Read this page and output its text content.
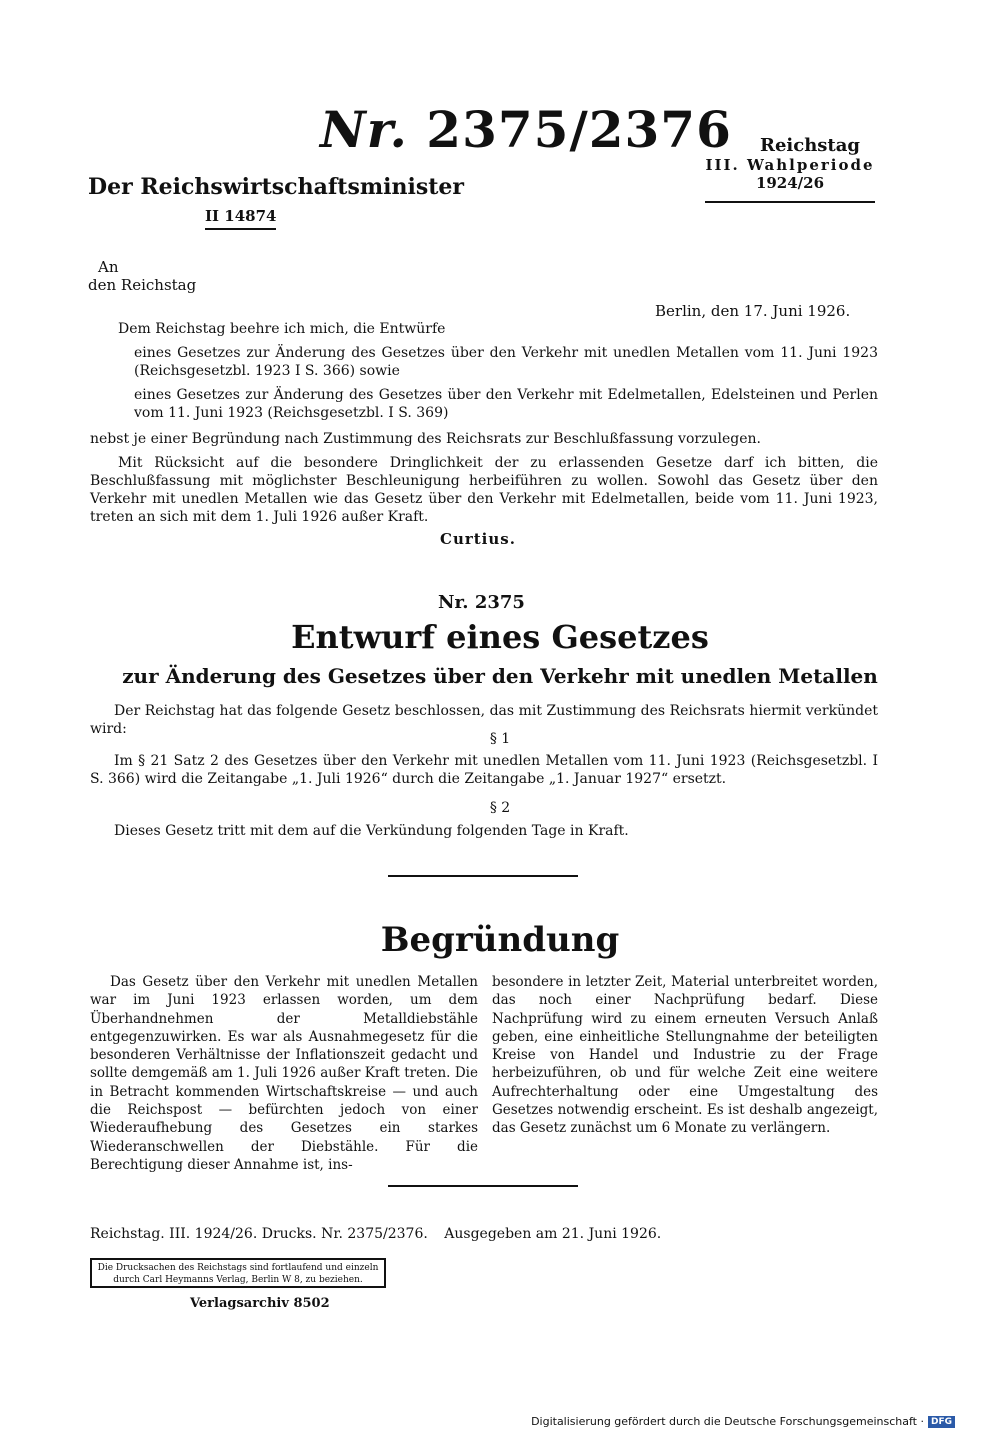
Nr. 2375/2376 Reichstag
III. Wahlperiode
1924/26
Der Reichswirtschaftsminister
II 14874
An
den Reichstag
Berlin, den 17. Juni 1926.
Dem Reichstag beehre ich mich, die Entwürfe
eines Gesetzes zur Änderung des Gesetzes über den Verkehr mit unedlen Metallen vom 11. Juni 1923 (Reichsgesetzbl. 1923 I S. 366) sowie
eines Gesetzes zur Änderung des Gesetzes über den Verkehr mit Edelmetallen, Edelsteinen und Perlen vom 11. Juni 1923 (Reichsgesetzbl. I S. 369)
nebst je einer Begründung nach Zustimmung des Reichsrats zur Beschlußfassung vorzulegen.
Mit Rücksicht auf die besondere Dringlichkeit der zu erlassenden Gesetze darf ich bitten, die Beschlußfassung mit möglichster Beschleunigung herbeiführen zu wollen. Sowohl das Gesetz über den Verkehr mit unedlen Metallen wie das Gesetz über den Verkehr mit Edelmetallen, beide vom 11. Juni 1923, treten an sich mit dem 1. Juli 1926 außer Kraft.
Curtius.
Nr. 2375
Entwurf eines Gesetzes
zur Änderung des Gesetzes über den Verkehr mit unedlen Metallen
Der Reichstag hat das folgende Gesetz beschlossen, das mit Zustimmung des Reichsrats hiermit verkündet wird:
§ 1
Im § 21 Satz 2 des Gesetzes über den Verkehr mit unedlen Metallen vom 11. Juni 1923 (Reichsgesetzbl. I S. 366) wird die Zeitangabe „1. Juli 1926“ durch die Zeitangabe „1. Januar 1927“ ersetzt.
§ 2
Dieses Gesetz tritt mit dem auf die Verkündung folgenden Tage in Kraft.
Begründung
Das Gesetz über den Verkehr mit unedlen Metallen war im Juni 1923 erlassen worden, um dem Überhandnehmen der Metalldiebstähle entgegenzuwirken. Es war als Ausnahmegesetz für die besonderen Verhältnisse der Inflationszeit gedacht und sollte demgemäß am 1. Juli 1926 außer Kraft treten. Die in Betracht kommenden Wirtschaftskreise — und auch die Reichspost — befürchten jedoch von einer Wiederaufhebung des Gesetzes ein starkes Wiederanschwellen der Diebstähle. Für die Berechtigung dieser Annahme ist, ins-
besondere in letzter Zeit, Material unterbreitet worden, das noch einer Nachprüfung bedarf. Diese Nachprüfung wird zu einem erneuten Versuch Anlaß geben, eine einheitliche Stellungnahme der beteiligten Kreise von Handel und Industrie zu der Frage herbeizuführen, ob und für welche Zeit eine weitere Aufrechterhaltung oder eine Umgestaltung des Gesetzes notwendig erscheint. Es ist deshalb angezeigt, das Gesetz zunächst um 6 Monate zu verlängern.
Reichstag. III. 1924/26. Drucks. Nr. 2375/2376. Ausgegeben am 21. Juni 1926.
Die Drucksachen des Reichstags sind fortlaufend und einzeln
durch Carl Heymanns Verlag, Berlin W 8, zu beziehen.
Verlagsarchiv 8502
Digitalisierung gefördert durch die Deutsche Forschungsgemeinschaft · DFG
